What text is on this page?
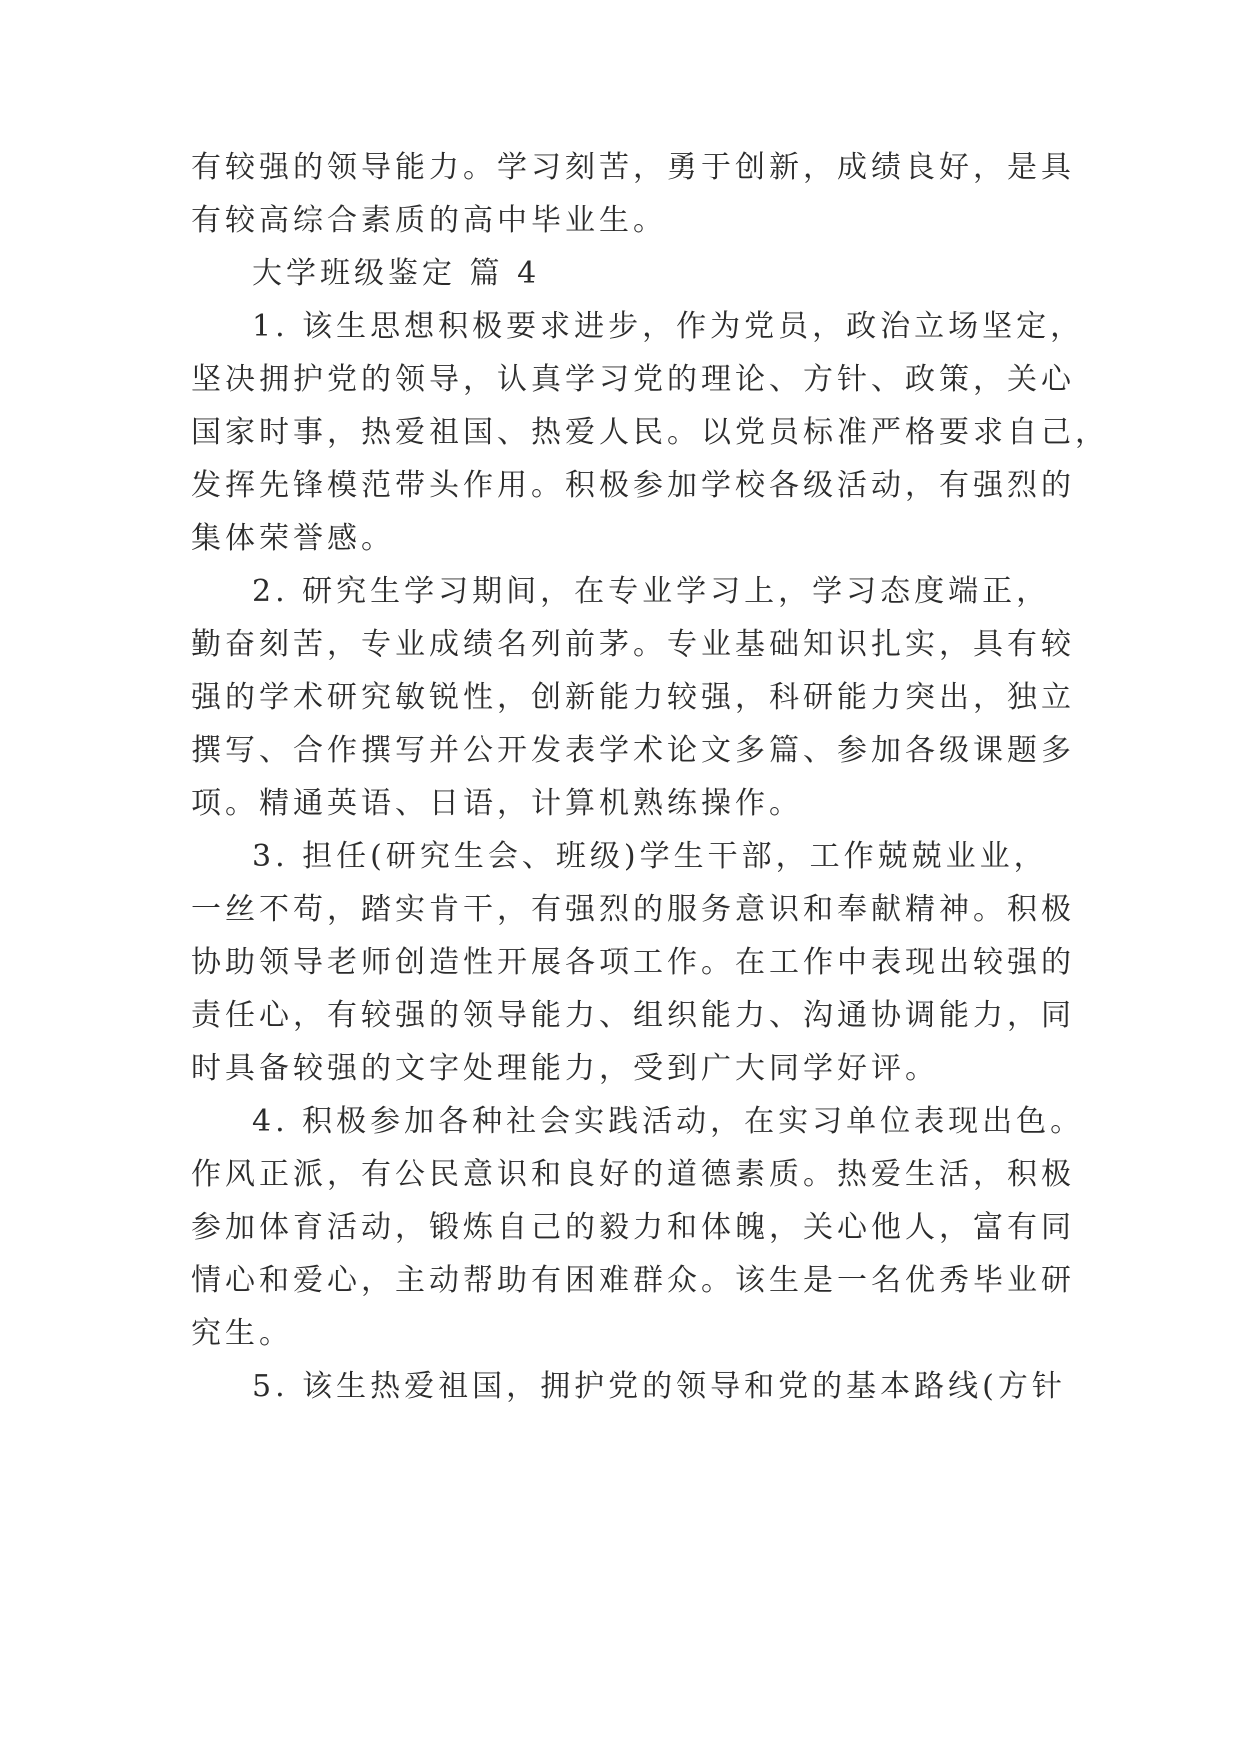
有较强的领导能力。学习刻苦，勇于创新，成绩良好，是具
有较高综合素质的高中毕业生。
大学班级鉴定 篇 4
1. 该生思想积极要求进步，作为党员，政治立场坚定，
坚决拥护党的领导，认真学习党的理论、方针、政策，关心
国家时事，热爱祖国、热爱人民。以党员标准严格要求自己，
发挥先锋模范带头作用。积极参加学校各级活动，有强烈的
集体荣誉感。
2. 研究生学习期间，在专业学习上，学习态度端正，
勤奋刻苦，专业成绩名列前茅。专业基础知识扎实，具有较
强的学术研究敏锐性，创新能力较强，科研能力突出，独立
撰写、合作撰写并公开发表学术论文多篇、参加各级课题多
项。精通英语、日语，计算机熟练操作。
3. 担任(研究生会、班级)学生干部，工作兢兢业业，
一丝不苟，踏实肯干，有强烈的服务意识和奉献精神。积极
协助领导老师创造性开展各项工作。在工作中表现出较强的
责任心，有较强的领导能力、组织能力、沟通协调能力，同
时具备较强的文字处理能力，受到广大同学好评。
4. 积极参加各种社会实践活动，在实习单位表现出色。
作风正派，有公民意识和良好的道德素质。热爱生活，积极
参加体育活动，锻炼自己的毅力和体魄，关心他人，富有同
情心和爱心，主动帮助有困难群众。该生是一名优秀毕业研
究生。
5. 该生热爱祖国，拥护党的领导和党的基本路线(方针
